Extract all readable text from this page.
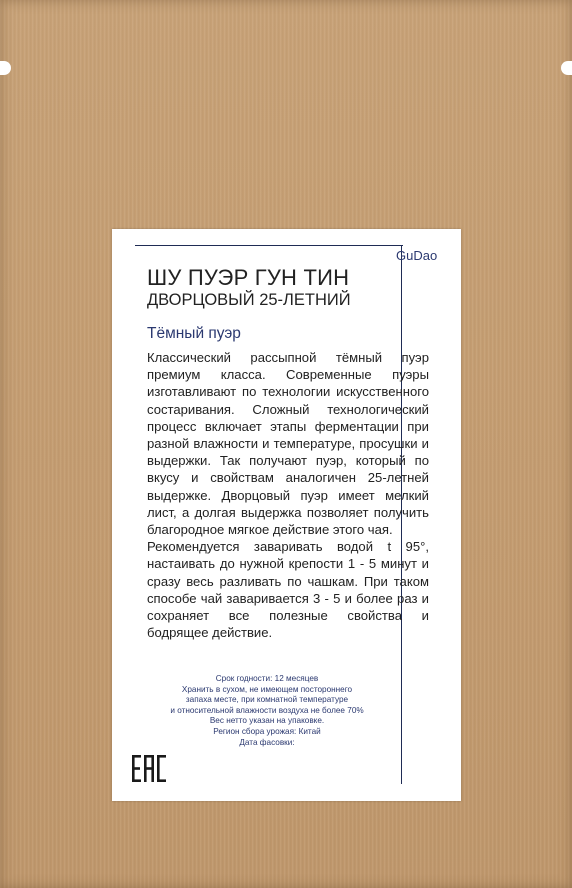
GuDao
ШУ ПУЭР ГУН ТИН
ДВОРЦОВЫЙ 25-ЛЕТНИЙ
Тёмный пуэр

Классический рассыпной тёмный пуэр премиум класса. Современные пуэры изготавливают по технологии искусственного состаривания. Сложный технологический процесс включает этапы ферментации при разной влажности и температуре, просушки и выдержки. Так получают пуэр, который по вкусу и свойствам аналогичен 25-летней выдержке. Дворцовый пуэр имеет мелкий лист, а долгая выдержка позволяет получить благородное мягкое действие этого чая.

Рекомендуется заваривать водой t 95°, настаивать до нужной крепости 1 - 5 минут и сразу весь разливать по чашкам. При таком способе чай заваривается 3 - 5 и более раз и сохраняет все полезные свойства и бодрящее действие.

Срок годности: 12 месяцев
Хранить в сухом, не имеющем постороннего
запаха месте, при комнатной температуре
и относительной влажности воздуха не более 70%
Вес нетто указан на упаковке.
Регион сбора урожая: Китай
Дата фасовки:
